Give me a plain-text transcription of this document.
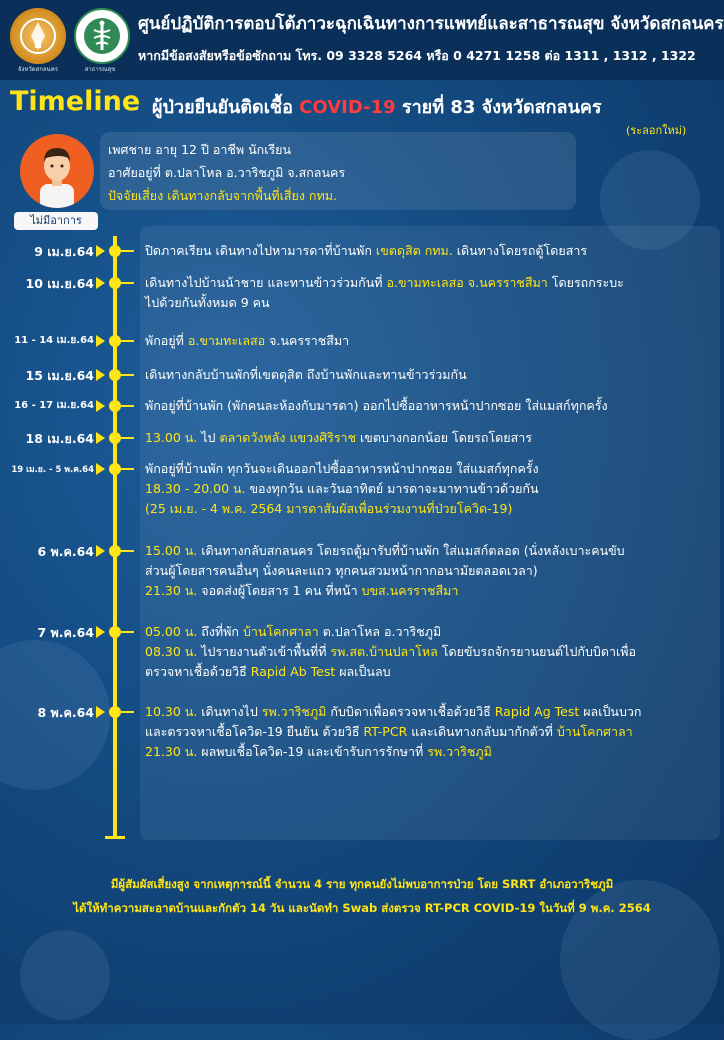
จังหวัดสกลนคร	สาธารณสุข
ศูนย์ปฏิบัติการตอบโต้ภาวะฉุกเฉินทางการแพทย์และสาธารณสุข จังหวัดสกลนคร
หากมีข้อสงสัยหรือข้อซักถาม โทร. 09 3328 5264 หรือ 0 4271 1258 ต่อ 1311 , 1312 , 1322
Timeline ผู้ป่วยยืนยันติดเชื้อ COVID-19 รายที่ 83 จังหวัดสกลนคร
(ระลอกใหม่)
เพศชาย อายุ 12 ปี อาชีพ นักเรียน
อาศัยอยู่ที่ ต.ปลาโหล อ.วาริชภูมิ จ.สกลนคร
ปัจจัยเสี่ยง เดินทางกลับจากพื้นที่เสี่ยง กทม.
ไม่มีอาการ
9 เม.ย.64	ปิดภาคเรียน เดินทางไปหามารดาที่บ้านพัก เขตดุสิต กทม. เดินทางโดยรถตู้โดยสาร
10 เม.ย.64	เดินทางไปบ้านน้าชาย และทานข้าวร่วมกันที่ อ.ขามทะเลสอ จ.นครราชสีมา โดยรถกระบะ
ไปด้วยกันทั้งหมด 9 คน
11 - 14 เม.ย.64	พักอยู่ที่ อ.ขามทะเลสอ จ.นครราชสีมา
15 เม.ย.64	เดินทางกลับบ้านพักที่เขตดุสิต ถึงบ้านพักและทานข้าวร่วมกัน
16 - 17 เม.ย.64	พักอยู่ที่บ้านพัก (พักคนละห้องกับมารดา) ออกไปซื้ออาหารหน้าปากซอย ใส่แมสก์ทุกครั้ง
18 เม.ย.64	13.00 น. ไป ตลาดวังหลัง แขวงศิริราช เขตบางกอกน้อย โดยรถโดยสาร
19 เม.ย. - 5 พ.ค.64	พักอยู่ที่บ้านพัก ทุกวันจะเดินออกไปซื้ออาหารหน้าปากซอย ใส่แมสก์ทุกครั้ง
18.30 - 20.00 น. ของทุกวัน และวันอาทิตย์ มารดาจะมาทานข้าวด้วยกัน
(25 เม.ย. - 4 พ.ค. 2564 มารดาสัมผัสเพื่อนร่วมงานที่ป่วยโควิด-19)
6 พ.ค.64	15.00 น. เดินทางกลับสกลนคร โดยรถตู้มารับที่บ้านพัก ใส่แมสก์ตลอด (นั่งหลังเบาะคนขับ
ส่วนผู้โดยสารคนอื่นๆ นั่งคนละแถว ทุกคนสวมหน้ากากอนามัยตลอดเวลา)
21.30 น. จอดส่งผู้โดยสาร 1 คน ที่หน้า บขส.นครราชสีมา
7 พ.ค.64	05.00 น. ถึงที่พัก บ้านโคกศาลา ต.ปลาโหล อ.วาริชภูมิ
08.30 น. ไปรายงานตัวเข้าพื้นที่ที่ รพ.สต.บ้านปลาโหล โดยขับรถจักรยานยนต์ไปกับบิดาเพื่อ
ตรวจหาเชื้อด้วยวิธี Rapid Ab Test ผลเป็นลบ
8 พ.ค.64	10.30 น. เดินทางไป รพ.วาริชภูมิ กับบิดาเพื่อตรวจหาเชื้อด้วยวิธี Rapid Ag Test ผลเป็นบวก
และตรวจหาเชื้อโควิด-19 ยืนยัน ด้วยวิธี RT-PCR และเดินทางกลับมากักตัวที่ บ้านโคกศาลา
21.30 น. ผลพบเชื้อโควิด-19 และเข้ารับการรักษาที่ รพ.วาริชภูมิ
มีผู้สัมผัสเสี่ยงสูง จากเหตุการณ์นี้ จำนวน 4 ราย ทุกคนยังไม่พบอาการป่วย โดย SRRT อำเภอวาริชภูมิ
ได้ให้ทำความสะอาดบ้านและกักตัว 14 วัน และนัดทำ Swab ส่งตรวจ RT-PCR COVID-19 ในวันที่ 9 พ.ค. 2564
